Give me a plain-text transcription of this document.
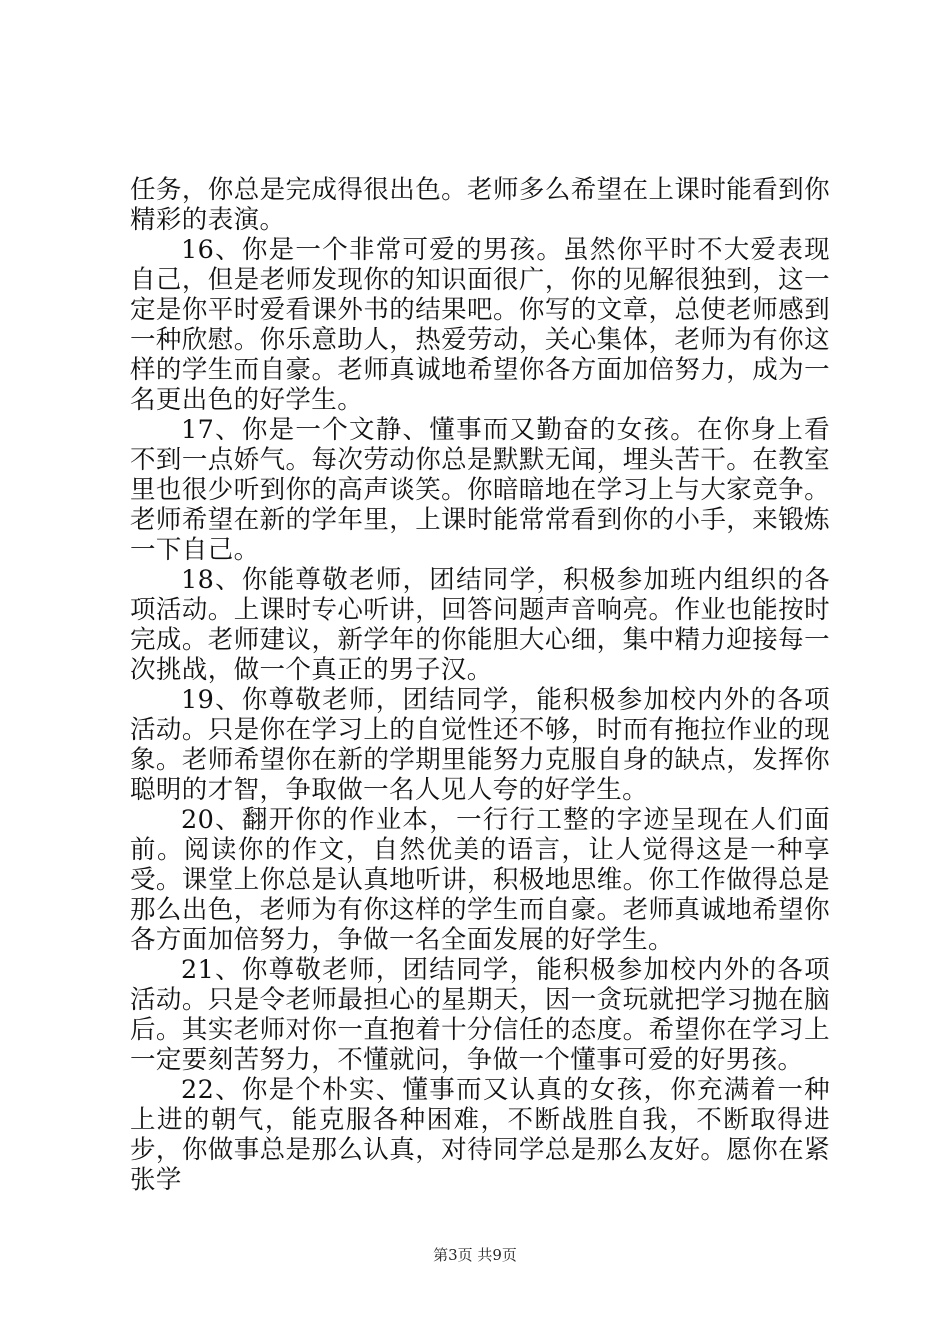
任务，你总是完成得很出色。老师多么希望在上课时能看到你精彩的表演。

16、你是一个非常可爱的男孩。虽然你平时不大爱表现自己，但是老师发现你的知识面很广，你的见解很独到，这一定是你平时爱看课外书的结果吧。你写的文章，总使老师感到一种欣慰。你乐意助人，热爱劳动，关心集体，老师为有你这样的学生而自豪。老师真诚地希望你各方面加倍努力，成为一名更出色的好学生。

17、你是一个文静、懂事而又勤奋的女孩。在你身上看不到一点娇气。每次劳动你总是默默无闻，埋头苦干。在教室里也很少听到你的高声谈笑。你暗暗地在学习上与大家竞争。老师希望在新的学年里，上课时能常常看到你的小手，来锻炼一下自己。

18、你能尊敬老师，团结同学，积极参加班内组织的各项活动。上课时专心听讲，回答问题声音响亮。作业也能按时完成。老师建议，新学年的你能胆大心细，集中精力迎接每一次挑战，做一个真正的男子汉。

19、你尊敬老师，团结同学，能积极参加校内外的各项活动。只是你在学习上的自觉性还不够，时而有拖拉作业的现象。老师希望你在新的学期里能努力克服自身的缺点，发挥你聪明的才智，争取做一名人见人夸的好学生。

20、翻开你的作业本，一行行工整的字迹呈现在人们面前。阅读你的作文，自然优美的语言，让人觉得这是一种享受。课堂上你总是认真地听讲，积极地思维。你工作做得总是那么出色，老师为有你这样的学生而自豪。老师真诚地希望你各方面加倍努力，争做一名全面发展的好学生。

21、你尊敬老师，团结同学，能积极参加校内外的各项活动。只是令老师最担心的星期天，因一贪玩就把学习抛在脑后。其实老师对你一直抱着十分信任的态度。希望你在学习上一定要刻苦努力，不懂就问，争做一个懂事可爱的好男孩。

22、你是个朴实、懂事而又认真的女孩，你充满着一种上进的朝气，能克服各种困难，不断战胜自我，不断取得进步，你做事总是那么认真，对待同学总是那么友好。愿你在紧张学

第3页 共9页
